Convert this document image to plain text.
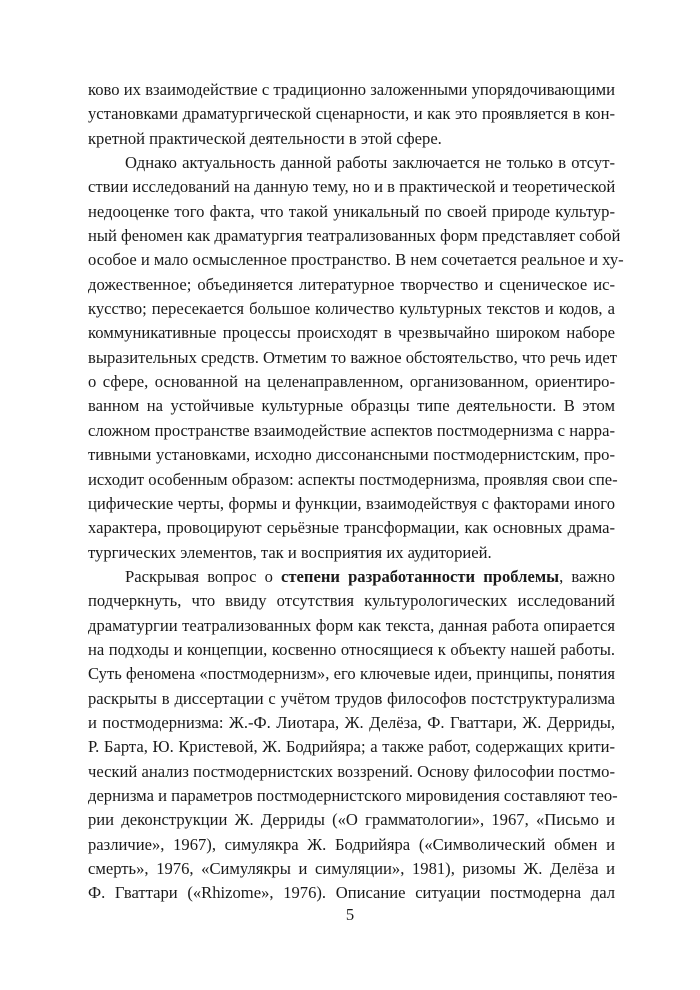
ково их взаимодействие с традиционно заложенными упорядочивающими
установками драматургической сценарности, и как это проявляется в кон-
кретной практической деятельности в этой сфере.
Однако актуальность данной работы заключается не только в отсут-
ствии исследований на данную тему, но и в практической и теоретической
недооценке того факта, что такой уникальный по своей природе культур-
ный феномен как драматургия театрализованных форм представляет собой
особое и мало осмысленное пространство. В нем сочетается реальное и ху-
дожественное; объединяется литературное творчество и сценическое ис-
кусство; пересекается большое количество культурных текстов и кодов, а
коммуникативные процессы происходят в чрезвычайно широком наборе
выразительных средств. Отметим то важное обстоятельство, что речь идет
о сфере, основанной на целенаправленном, организованном, ориентиро-
ванном на устойчивые культурные образцы типе деятельности. В этом
сложном пространстве взаимодействие аспектов постмодернизма с нарра-
тивными установками, исходно диссонансными постмодернистским, про-
исходит особенным образом: аспекты постмодернизма, проявляя свои спе-
цифические черты, формы и функции, взаимодействуя с факторами иного
характера, провоцируют серьёзные трансформации, как основных драма-
тургических элементов, так и восприятия их аудиторией.
Раскрывая вопрос о степени разработанности проблемы, важно
подчеркнуть, что ввиду отсутствия культурологических исследований
драматургии театрализованных форм как текста, данная работа опирается
на подходы и концепции, косвенно относящиеся к объекту нашей работы.
Суть феномена «постмодернизм», его ключевые идеи, принципы, понятия
раскрыты в диссертации с учётом трудов философов постструктурализма
и постмодернизма: Ж.-Ф. Лиотара, Ж. Делёза, Ф. Гваттари, Ж. Дерриды,
Р. Барта, Ю. Кристевой, Ж. Бодрийяра; а также работ, содержащих крити-
ческий анализ постмодернистских воззрений. Основу философии постмо-
дернизма и параметров постмодернистского мировидения составляют тео-
рии деконструкции Ж. Дерриды («О грамматологии», 1967, «Письмо и
различие», 1967), симулякра Ж. Бодрийяра («Символический обмен и
смерть», 1976, «Симулякры и симуляции», 1981), ризомы Ж. Делёза и
Ф. Гваттари («Rhizome», 1976). Описание ситуации постмодерна дал
5
